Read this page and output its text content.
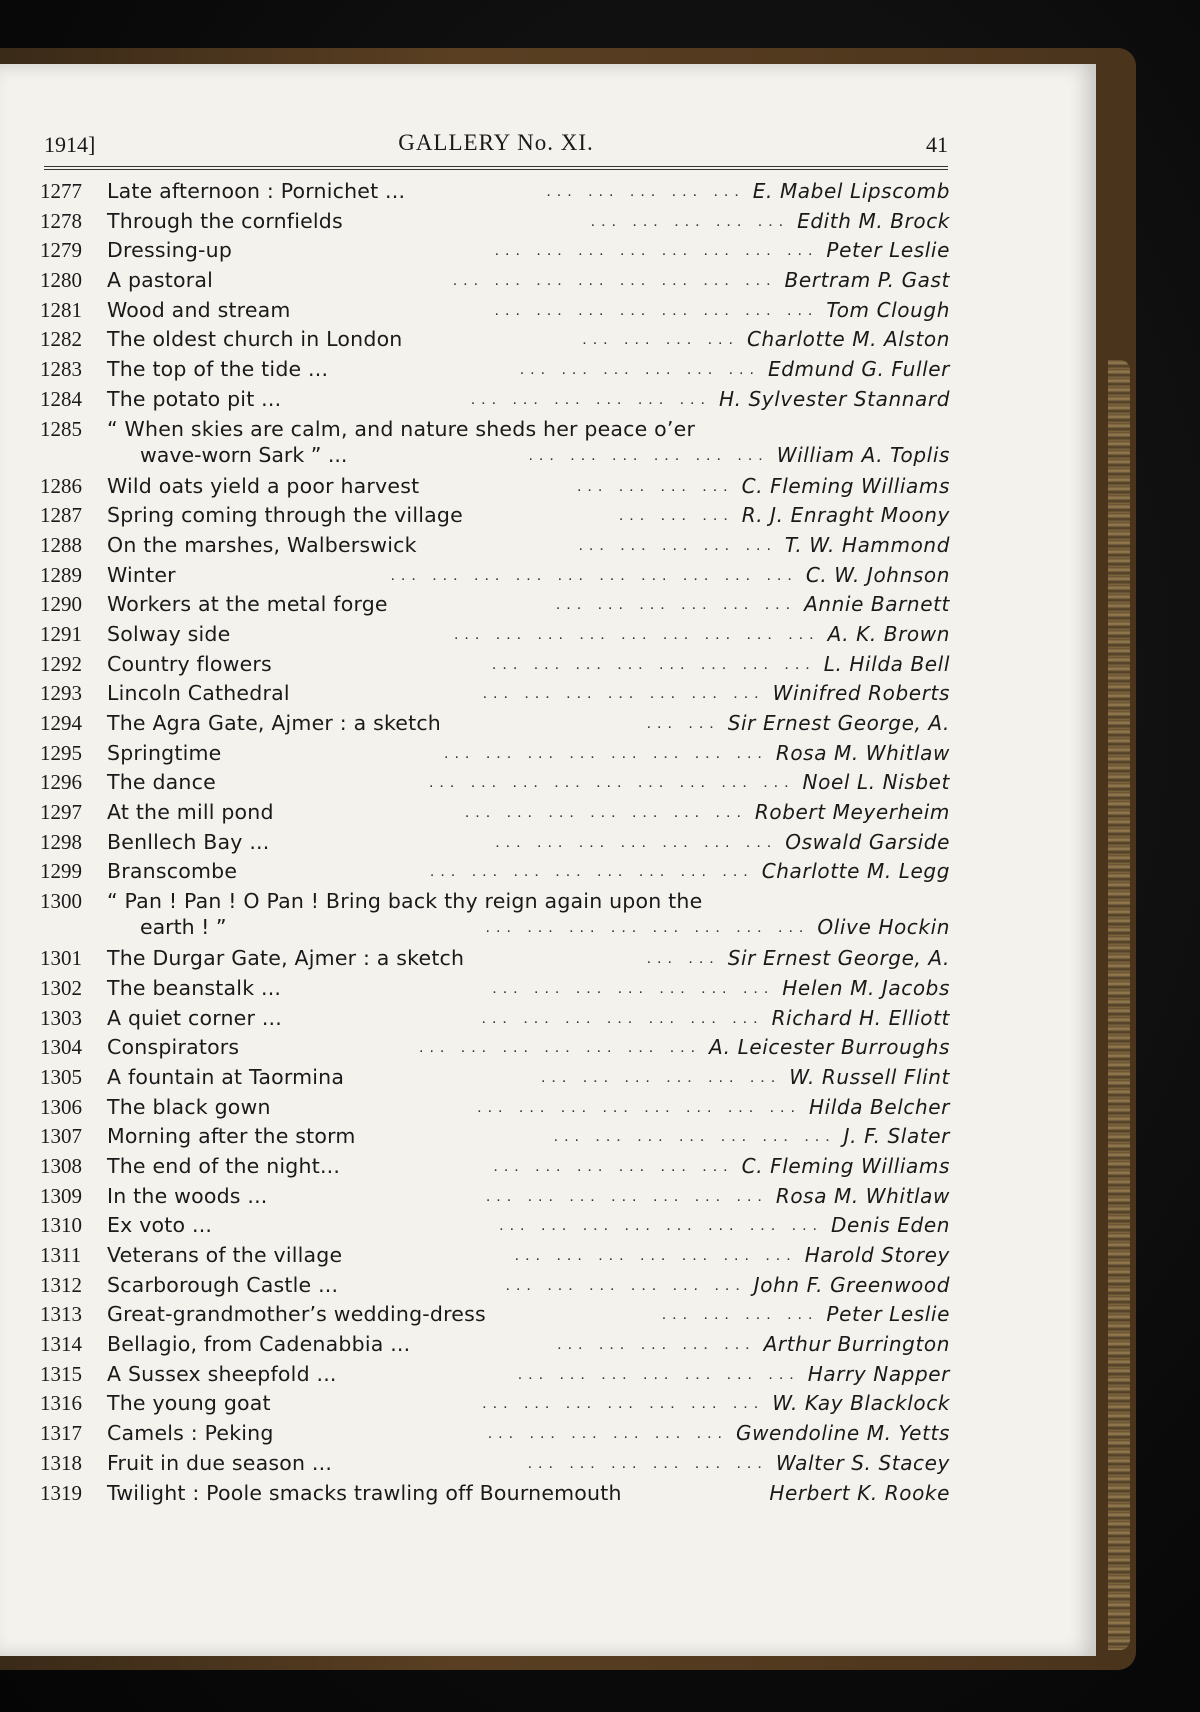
1914]	GALLERY No. XI.	41
1277	Late afternoon : Pornichet ...	... ... ... ... ... E. Mabel Lipscomb
1278	Through the cornfields	... ... ... ... ... Edith M. Brock
1279	Dressing-up	... ... ... ... ... ... ... ... Peter Leslie
1280	A pastoral	... ... ... ... ... ... ... ... Bertram P. Gast
1281	Wood and stream	... ... ... ... ... ... ... ... Tom Clough
1282	The oldest church in London	... ... ... ... Charlotte M. Alston
1283	The top of the tide ...	... ... ... ... ... ... Edmund G. Fuller
1284	The potato pit ...	... ... ... ... ... ... H. Sylvester Stannard
1285	“ When skies are calm, and nature sheds her peace o’er
wave-worn Sark ” ...	... ... ... ... ... ... William A. Toplis
1286	Wild oats yield a poor harvest	... ... ... ... C. Fleming Williams
1287	Spring coming through the village	... ... ... R. J. Enraght Moony
1288	On the marshes, Walberswick	... ... ... ... ... T. W. Hammond
1289	Winter	... ... ... ... ... ... ... ... ... ... C. W. Johnson
1290	Workers at the metal forge	... ... ... ... ... ... Annie Barnett
1291	Solway side	... ... ... ... ... ... ... ... ... A. K. Brown
1292	Country flowers	... ... ... ... ... ... ... ... L. Hilda Bell
1293	Lincoln Cathedral	... ... ... ... ... ... ... Winifred Roberts
1294	The Agra Gate, Ajmer : a sketch	... ... Sir Ernest George, A.
1295	Springtime	... ... ... ... ... ... ... ... Rosa M. Whitlaw
1296	The dance	... ... ... ... ... ... ... ... ... Noel L. Nisbet
1297	At the mill pond	... ... ... ... ... ... ... Robert Meyerheim
1298	Benllech Bay ...	... ... ... ... ... ... ... Oswald Garside
1299	Branscombe	... ... ... ... ... ... ... ... Charlotte M. Legg
1300	“ Pan ! Pan ! O Pan ! Bring back thy reign again upon the
earth ! ”	... ... ... ... ... ... ... ... Olive Hockin
1301	The Durgar Gate, Ajmer : a sketch	... ... Sir Ernest George, A.
1302	The beanstalk ...	... ... ... ... ... ... ... Helen M. Jacobs
1303	A quiet corner ...	... ... ... ... ... ... ... Richard H. Elliott
1304	Conspirators	... ... ... ... ... ... ... A. Leicester Burroughs
1305	A fountain at Taormina	... ... ... ... ... ... W. Russell Flint
1306	The black gown	... ... ... ... ... ... ... ... Hilda Belcher
1307	Morning after the storm	... ... ... ... ... ... ... J. F. Slater
1308	The end of the night...	... ... ... ... ... ... C. Fleming Williams
1309	In the woods ...	... ... ... ... ... ... ... Rosa M. Whitlaw
1310	Ex voto ...	... ... ... ... ... ... ... ... Denis Eden
1311	Veterans of the village	... ... ... ... ... ... ... Harold Storey
1312	Scarborough Castle ...	... ... ... ... ... ... John F. Greenwood
1313	Great-grandmother’s wedding-dress	... ... ... ... Peter Leslie
1314	Bellagio, from Cadenabbia ...	... ... ... ... ... Arthur Burrington
1315	A Sussex sheepfold ...	... ... ... ... ... ... ... Harry Napper
1316	The young goat	... ... ... ... ... ... ... W. Kay Blacklock
1317	Camels : Peking	... ... ... ... ... ... Gwendoline M. Yetts
1318	Fruit in due season ...	... ... ... ... ... ... Walter S. Stacey
1319	Twilight : Poole smacks trawling off Bournemouth	Herbert K. Rooke
